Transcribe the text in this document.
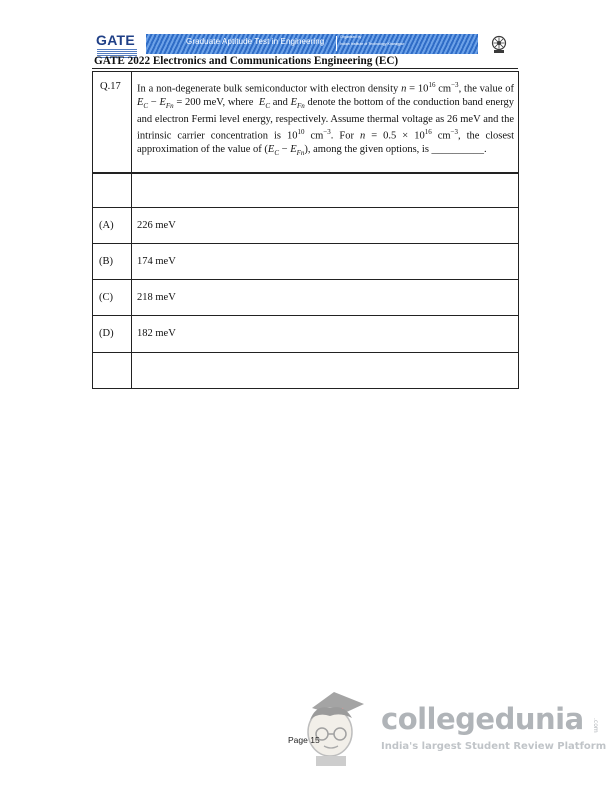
GATE	Graduate Aptitude Test in Engineering	Organised by
Indian Institute of Technology Kharagpur
GATE 2022 Electronics and Communications Engineering (EC)
Q.17 In a non-degenerate bulk semiconductor with electron density $n = 10^{16}$ $cm^{-3}$, the value of $E_C - E_{Fn} = 200$ meV, where  $E_C$ and $E_{Fn}$ denote the bottom of the conduction band energy and electron Fermi level energy, respectively. Assume thermal voltage as 26 meV and the intrinsic carrier concentration is $10^{10}$ $cm^{-3}$. For $n = 0.5 \times 10^{16}$ $cm^{-3}$, the closest approximation of the value of $(E_C - E_{Fn})$, among the given options, is __________.
(A) 226 meV
(B) 174 meV
(C) 218 meV
(D) 182 meV
Page 15
collegedunia .com
India's largest Student Review Platform
